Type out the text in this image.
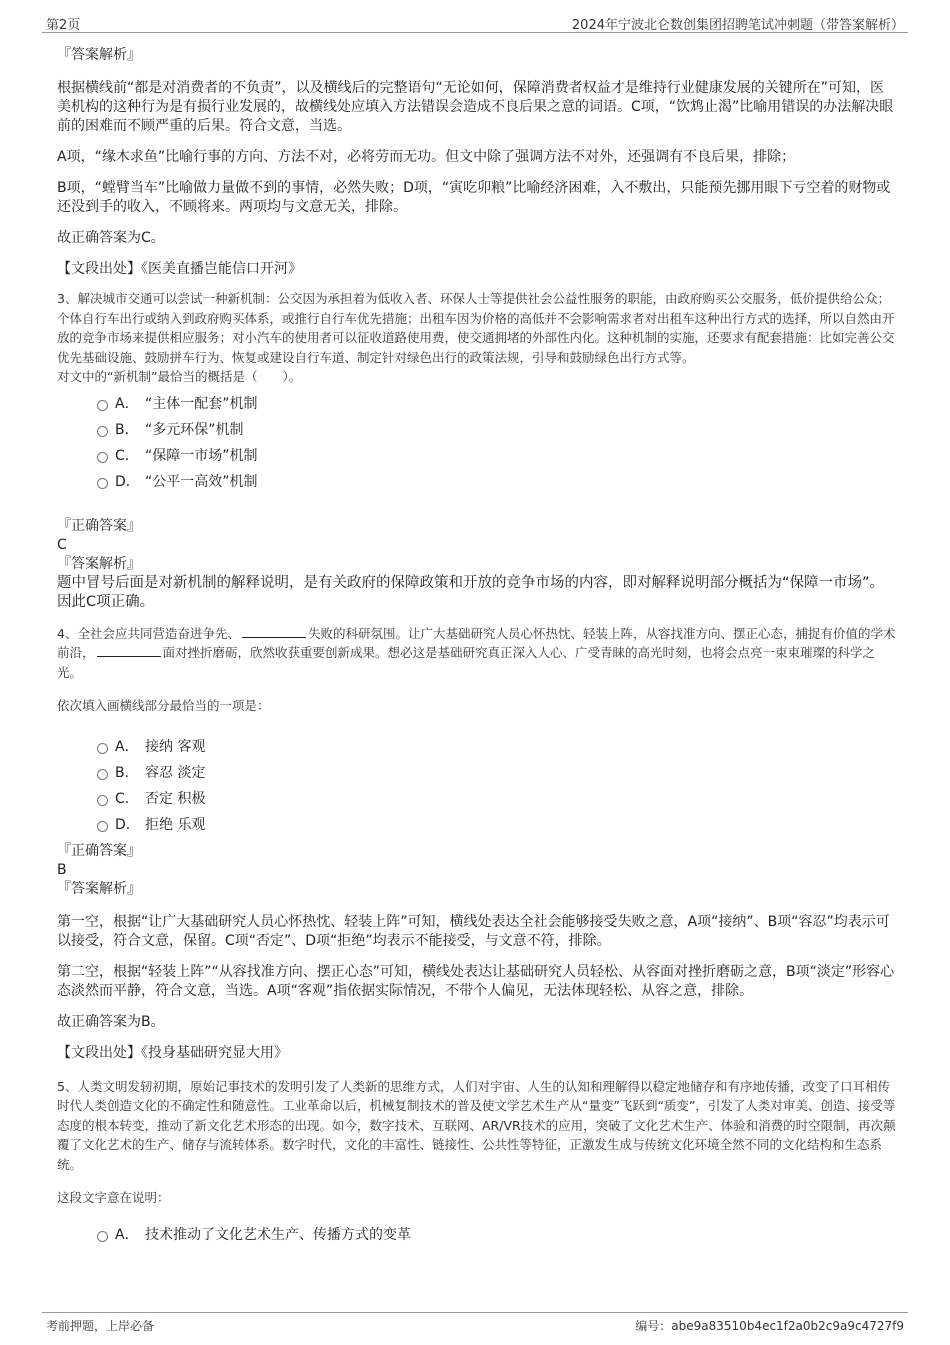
第2页	2024年宁波北仑数创集团招聘笔试冲刺题（带答案解析）

『答案解析』

根据横线前“都是对消费者的不负责”，以及横线后的完整语句“无论如何，保障消费者权益才是维持行业健康发展的关键所在”可知，医美机构的这种行为是有损行业发展的，故横线处应填入方法错误会造成不良后果之意的词语。C项，“饮鸩止渴”比喻用错误的办法解决眼前的困难而不顾严重的后果。符合文意，当选。

A项，“缘木求鱼”比喻行事的方向、方法不对，必将劳而无功。但文中除了强调方法不对外，还强调有不良后果，排除；

B项，“螳臂当车”比喻做力量做不到的事情，必然失败；D项，“寅吃卯粮”比喻经济困难，入不敷出，只能预先挪用眼下亏空着的财物或还没到手的收入，不顾将来。两项均与文意无关，排除。

故正确答案为C。

【文段出处】《医美直播岂能信口开河》

3、解决城市交通可以尝试一种新机制：公交因为承担着为低收入者、环保人士等提供社会公益性服务的职能，由政府购买公交服务，低价提供给公众；个体自行车出行或纳入到政府购买体系，或推行自行车优先措施；出租车因为价格的高低并不会影响需求者对出租车这种出行方式的选择，所以自然由开放的竞争市场来提供相应服务；对小汽车的使用者可以征收道路使用费，使交通拥堵的外部性内化。这种机制的实施，还要求有配套措施：比如完善公交优先基础设施、鼓励拼车行为、恢复或建设自行车道、制定针对绿色出行的政策法规，引导和鼓励绿色出行方式等。

对文中的“新机制”最恰当的概括是（　　）。

A． “主体一配套”机制
B． “多元环保”机制
C． “保障一市场”机制
D． “公平一高效”机制

『正确答案』

C

『答案解析』

题中冒号后面是对新机制的解释说明，是有关政府的保障政策和开放的竞争市场的内容，即对解释说明部分概括为“保障一市场”。因此C项正确。

4、全社会应共同营造奋进争先、	失败的科研氛围。让广大基础研究人员心怀热忱、轻装上阵，从容找准方向、摆正心态，捕捉有价值的学术前沿，	面对挫折磨砺，欣然收获重要创新成果。想必这是基础研究真正深入人心、广受青睐的高光时刻，也将会点亮一束束璀璨的科学之光。

依次填入画横线部分最恰当的一项是：

A． 接纳 客观
B． 容忍 淡定
C． 否定 积极
D． 拒绝 乐观

『正确答案』

B

『答案解析』

第一空，根据“让广大基础研究人员心怀热忱、轻装上阵”可知，横线处表达全社会能够接受失败之意，A项“接纳”、B项“容忍”均表示可以接受，符合文意，保留。C项“否定”、D项“拒绝”均表示不能接受，与文意不符，排除。

第二空，根据“轻装上阵”“从容找准方向、摆正心态”可知，横线处表达让基础研究人员轻松、从容面对挫折磨砺之意，B项“淡定”形容心态淡然而平静，符合文意，当选。A项“客观”指依据实际情况，不带个人偏见，无法体现轻松、从容之意，排除。

故正确答案为B。

【文段出处】《投身基础研究显大用》

5、人类文明发轫初期，原始记事技术的发明引发了人类新的思维方式，人们对宇宙、人生的认知和理解得以稳定地储存和有序地传播，改变了口耳相传时代人类创造文化的不确定性和随意性。工业革命以后，机械复制技术的普及使文学艺术生产从“量变”飞跃到“质变”，引发了人类对审美、创造、接受等态度的根本转变，推动了新文化艺术形态的出现。如今，数字技术、互联网、AR/VR技术的应用，突破了文化艺术生产、体验和消费的时空限制，再次颠覆了文化艺术的生产、储存与流转体系。数字时代，文化的丰富性、链接性、公共性等特征，正激发生成与传统文化环境全然不同的文化结构和生态系统。

这段文字意在说明：

A． 技术推动了文化艺术生产、传播方式的变革
考前押题，上岸必备	编号：abe9a83510b4ec1f2a0b2c9a9c4727f9
